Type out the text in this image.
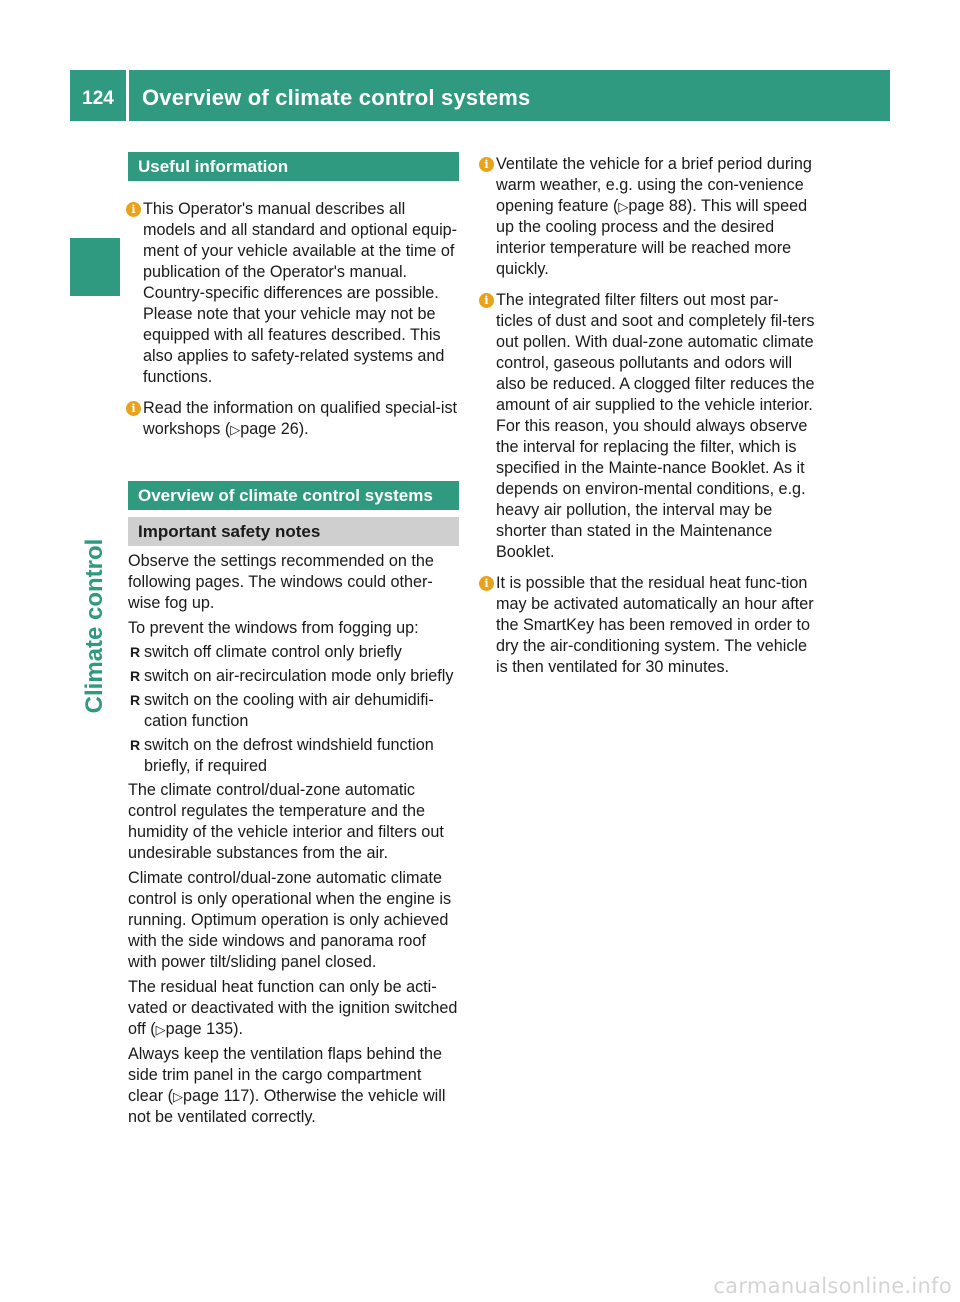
124	Overview of climate control systems
Climate control
Useful information
i This Operator's manual describes all models and all standard and optional equip-ment of your vehicle available at the time of publication of the Operator's manual. Country-specific differences are possible. Please note that your vehicle may not be equipped with all features described. This also applies to safety-related systems and functions.
i Read the information on qualified special-ist workshops (▷page 26).
Overview of climate control systems
Important safety notes

Observe the settings recommended on the following pages. The windows could other-wise fog up.

To prevent the windows from fogging up:

R switch off climate control only briefly
R switch on air-recirculation mode only briefly
R switch on the cooling with air dehumidifi-cation function
R switch on the defrost windshield function briefly, if required

The climate control/dual-zone automatic control regulates the temperature and the humidity of the vehicle interior and filters out undesirable substances from the air.

Climate control/dual-zone automatic climate control is only operational when the engine is running. Optimum operation is only achieved with the side windows and panorama roof with power tilt/sliding panel closed.

The residual heat function can only be acti-vated or deactivated with the ignition switched off (▷page 135).

Always keep the ventilation flaps behind the side trim panel in the cargo compartment clear (▷page 117). Otherwise the vehicle will not be ventilated correctly.

i Ventilate the vehicle for a brief period during warm weather, e.g. using the con-venience opening feature (▷page 88). This will speed up the cooling process and the desired interior temperature will be reached more quickly.
i The integrated filter filters out most par-ticles of dust and soot and completely fil-ters out pollen. With dual-zone automatic climate control, gaseous pollutants and odors will also be reduced. A clogged filter reduces the amount of air supplied to the vehicle interior. For this reason, you should always observe the interval for replacing the filter, which is specified in the Mainte-nance Booklet. As it depends on environ-mental conditions, e.g. heavy air pollution, the interval may be shorter than stated in the Maintenance Booklet.
i It is possible that the residual heat func-tion may be activated automatically an hour after the SmartKey has been removed in order to dry the air-conditioning system. The vehicle is then ventilated for 30 minutes.
carmanualsonline.info
